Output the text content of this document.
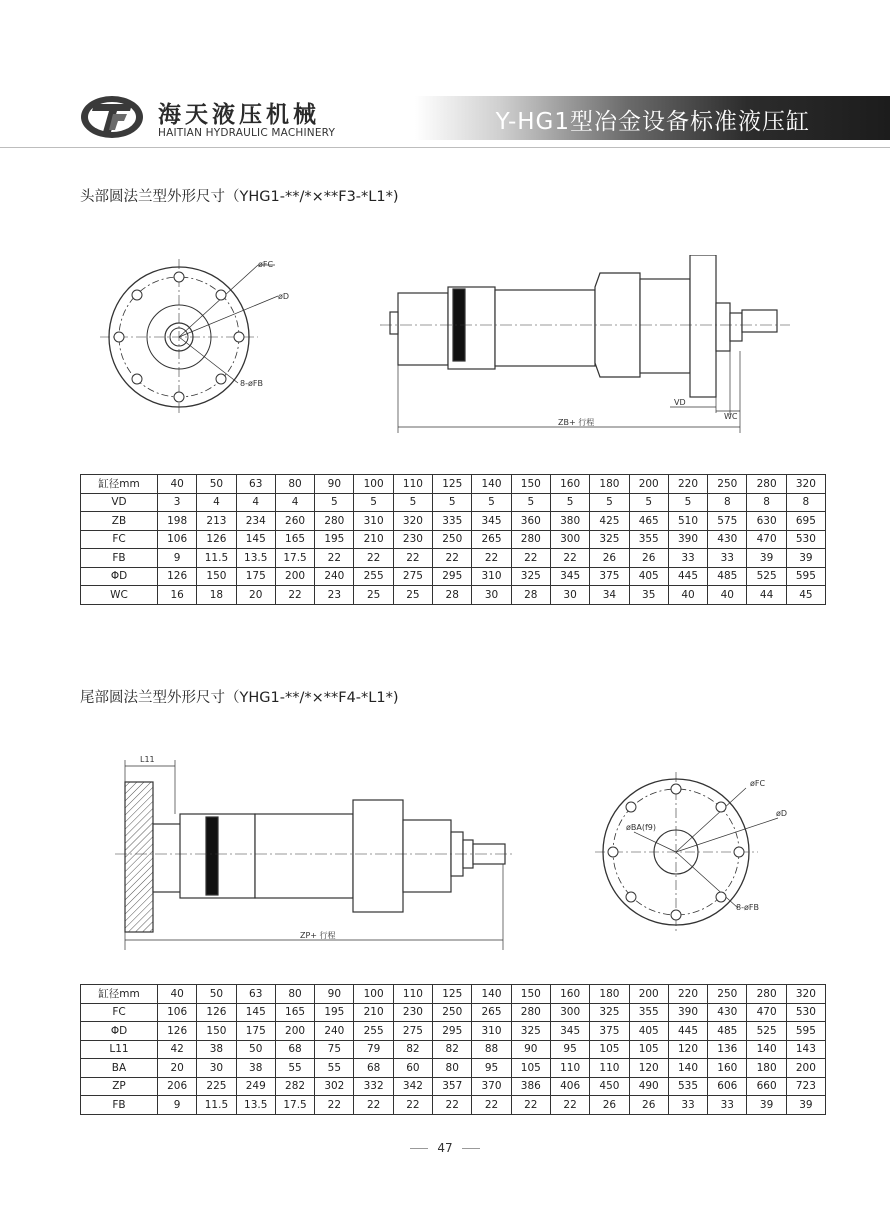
海天液压机械
HAITIAN HYDRAULIC MACHINERY	Y-HG1型冶金设备标准液压缸
头部圆法兰型外形尺寸（YHG1-**/*×**F3-*L1*)
øFC
øD
8-øFB
VD
WC
ZB+ 行程
缸径mm	40	50	63	80	90	100	110	125	140	150	160	180	200	220	250	280	320
VD	3	4	4	4	5	5	5	5	5	5	5	5	5	5	8	8	8
ZB	198	213	234	260	280	310	320	335	345	360	380	425	465	510	575	630	695
FC	106	126	145	165	195	210	230	250	265	280	300	325	355	390	430	470	530
FB	9	11.5	13.5	17.5	22	22	22	22	22	22	22	26	26	33	33	39	39
ΦD	126	150	175	200	240	255	275	295	310	325	345	375	405	445	485	525	595
WC	16	18	20	22	23	25	25	28	30	28	30	34	35	40	40	44	45
尾部圆法兰型外形尺寸（YHG1-**/*×**F4-*L1*)
L11
ZP+ 行程
øFC
øD
øBA(f9)
8-øFB
缸径mm	40	50	63	80	90	100	110	125	140	150	160	180	200	220	250	280	320
FC	106	126	145	165	195	210	230	250	265	280	300	325	355	390	430	470	530
ΦD	126	150	175	200	240	255	275	295	310	325	345	375	405	445	485	525	595
L11	42	38	50	68	75	79	82	82	88	90	95	105	105	120	136	140	143
BA	20	30	38	55	55	68	60	80	95	105	110	110	120	140	160	180	200
ZP	206	225	249	282	302	332	342	357	370	386	406	450	490	535	606	660	723
FB	9	11.5	13.5	17.5	22	22	22	22	22	22	22	26	26	33	33	39	39
47
